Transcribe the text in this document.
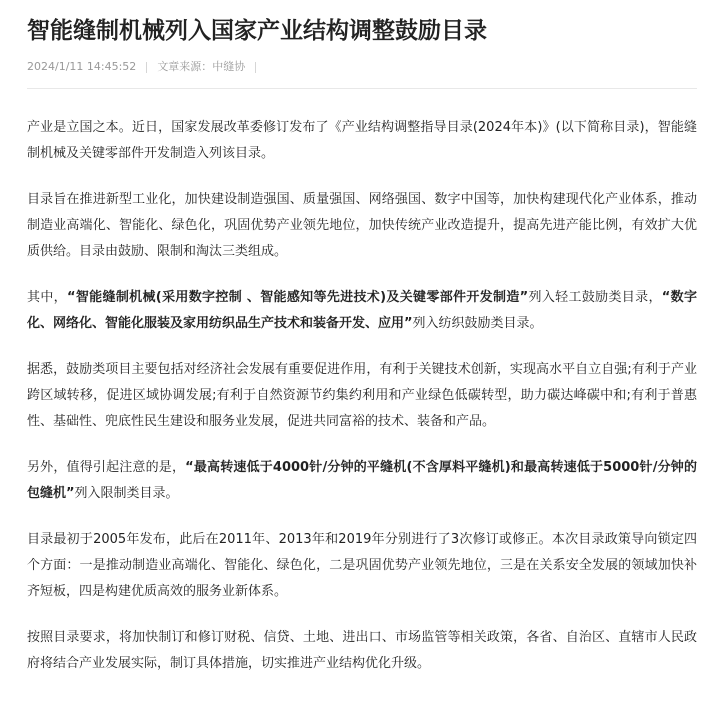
智能缝制机械列入国家产业结构调整鼓励目录
2024/1/11 14:45:52 文章来源：中缝协

产业是立国之本。近日，国家发展改革委修订发布了《产业结构调整指导目录(2024年本)》(以下简称目录)，智能缝制机械及关键零部件开发制造入列该目录。

目录旨在推进新型工业化，加快建设制造强国、质量强国、网络强国、数字中国等，加快构建现代化产业体系，推动制造业高端化、智能化、绿色化，巩固优势产业领先地位，加快传统产业改造提升，提高先进产能比例，有效扩大优质供给。目录由鼓励、限制和淘汰三类组成。

其中，“智能缝制机械(采用数字控制 、智能感知等先进技术)及关键零部件开发制造”列入轻工鼓励类目录，“数字化、网络化、智能化服装及家用纺织品生产技术和装备开发、应用”列入纺织鼓励类目录。

据悉，鼓励类项目主要包括对经济社会发展有重要促进作用，有利于关键技术创新，实现高水平自立自强;有利于产业跨区域转移，促进区域协调发展;有利于自然资源节约集约利用和产业绿色低碳转型，助力碳达峰碳中和;有利于普惠性、基础性、兜底性民生建设和服务业发展，促进共同富裕的技术、装备和产品。

另外，值得引起注意的是，“最高转速低于4000针/分钟的平缝机(不含厚料平缝机)和最高转速低于5000针/分钟的包缝机”列入限制类目录。

目录最初于2005年发布，此后在2011年、2013年和2019年分别进行了3次修订或修正。本次目录政策导向锁定四个方面：一是推动制造业高端化、智能化、绿色化，二是巩固优势产业领先地位，三是在关系安全发展的领域加快补齐短板，四是构建优质高效的服务业新体系。

按照目录要求，将加快制订和修订财税、信贷、土地、进出口、市场监管等相关政策，各省、自治区、直辖市人民政府将结合产业发展实际，制订具体措施，切实推进产业结构优化升级。
